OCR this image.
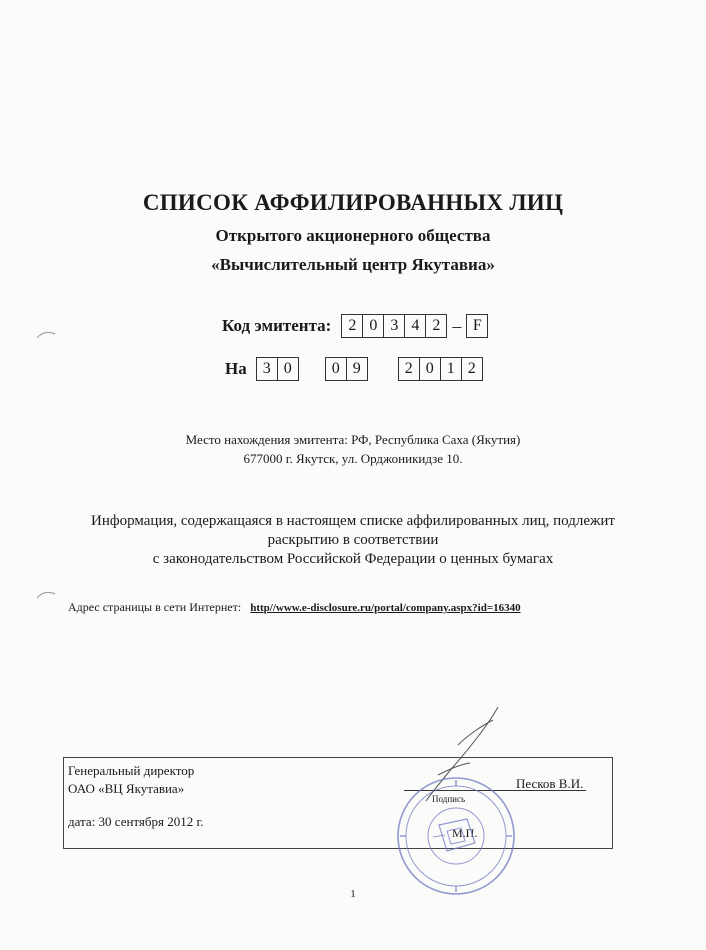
СПИСОК АФФИЛИРОВАННЫХ ЛИЦ
Открытого акционерного общества
«Вычислительный центр Якутавиа»
Код эмитента:	2 0 3 4 2 – F
На	3 0	0 9	2 0 1 2
Место нахождения эмитента: РФ, Республика Саха (Якутия)
677000 г. Якутск, ул. Орджоникидзе 10.
Информация, содержащаяся в настоящем списке аффилированных лиц, подлежит
раскрытию в соответствии
с законодательством Российской Федерации о ценных бумагах
Адрес страницы в сети Интернет: http//www.e-disclosure.ru/portal/company.aspx?id=16340
Генеральный директор
ОАО «ВЦ Якутавиа»	Песков В.И.
Подпись
дата: 30 сентября 2012 г.
М.П.
1
